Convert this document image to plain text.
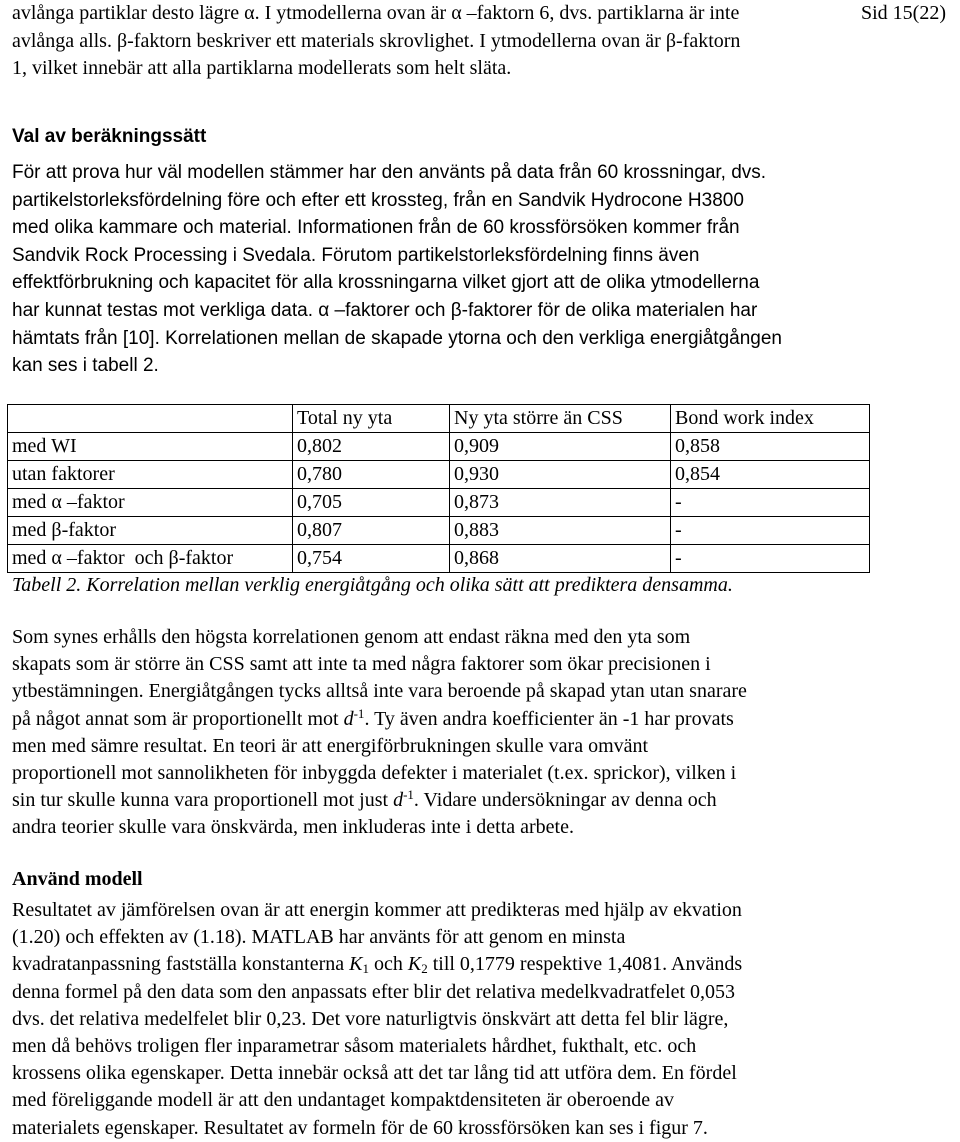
Sid 15(22)
avlånga partiklar desto lägre α. I ytmodellerna ovan är α –faktorn 6, dvs. partiklarna är inte
avlånga alls. β-faktorn beskriver ett materials skrovlighet. I ytmodellerna ovan är β-faktorn
1, vilket innebär att alla partiklarna modellerats som helt släta.
Val av beräkningssätt
För att prova hur väl modellen stämmer har den använts på data från 60 krossningar, dvs.
partikelstorleksfördelning före och efter ett krossteg, från en Sandvik Hydrocone H3800
med olika kammare och material. Informationen från de 60 krossförsöken kommer från
Sandvik Rock Processing i Svedala. Förutom partikelstorleksfördelning finns även
effektförbrukning och kapacitet för alla krossningarna vilket gjort att de olika ytmodellerna
har kunnat testas mot verkliga data. α –faktorer och β-faktorer för de olika materialen har
hämtats från [10]. Korrelationen mellan de skapade ytorna och den verkliga energiåtgången
kan ses i tabell 2.
	Total ny yta	Ny yta större än CSS	Bond work index
med WI	0,802	0,909	0,858
utan faktorer	0,780	0,930	0,854
med α –faktor	0,705	0,873	-
med β-faktor	0,807	0,883	-
med α –faktor  och β-faktor	0,754	0,868	-
Tabell 2. Korrelation mellan verklig energiåtgång och olika sätt att prediktera densamma.
Som synes erhålls den högsta korrelationen genom att endast räkna med den yta som
skapats som är större än CSS samt att inte ta med några faktorer som ökar precisionen i
ytbestämningen. Energiåtgången tycks alltså inte vara beroende på skapad ytan utan snarare
på något annat som är proportionellt mot $d^{-1}$. Ty även andra koefficienter än -1 har provats
men med sämre resultat. En teori är att energiförbrukningen skulle vara omvänt
proportionell mot sannolikheten för inbyggda defekter i materialet (t.ex. sprickor), vilken i
sin tur skulle kunna vara proportionell mot just $d^{-1}$. Vidare undersökningar av denna och
andra teorier skulle vara önskvärda, men inkluderas inte i detta arbete.
Använd modell
Resultatet av jämförelsen ovan är att energin kommer att predikteras med hjälp av ekvation
(1.20) och effekten av (1.18). MATLAB har använts för att genom en minsta
kvadratanpassning fastställa konstanterna $K_1$ och $K_2$ till 0,1779 respektive 1,4081. Används
denna formel på den data som den anpassats efter blir det relativa medelkvadratfelet 0,053
dvs. det relativa medelfelet blir 0,23. Det vore naturligtvis önskvärt att detta fel blir lägre,
men då behövs troligen fler inparametrar såsom materialets hårdhet, fukthalt, etc. och
krossens olika egenskaper. Detta innebär också att det tar lång tid att utföra dem. En fördel
med föreliggande modell är att den undantaget kompaktdensiteten är oberoende av
materialets egenskaper. Resultatet av formeln för de 60 krossförsöken kan ses i figur 7.
